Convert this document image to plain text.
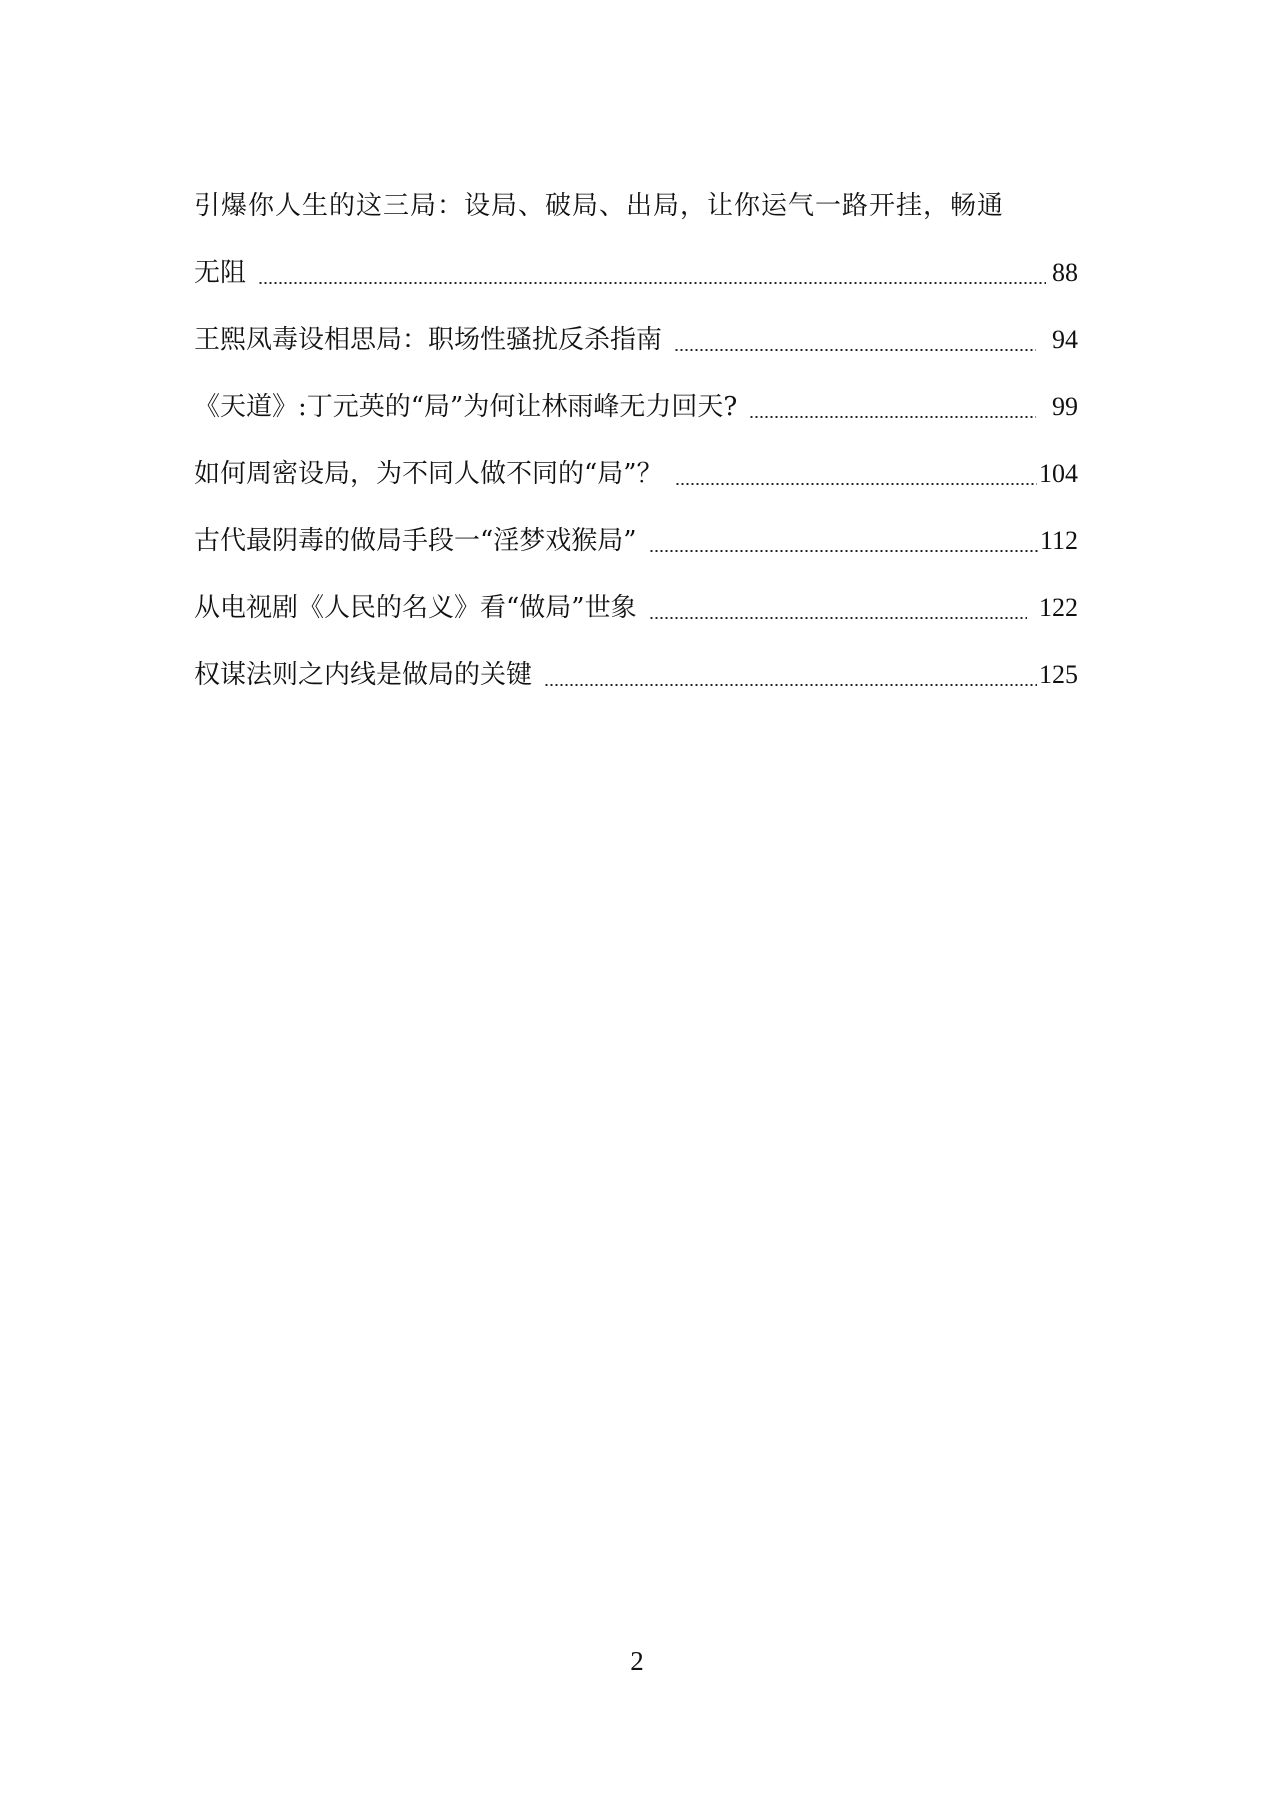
引爆你人生的这三局：设局、破局、出局，让你运气一路开挂，畅通
无阻	88
王熙凤毒设相思局：职场性骚扰反杀指南	94
《天道》:丁元英的“局”为何让林雨峰无力回天?	99
如何周密设局，为不同人做不同的“局”？	104
古代最阴毒的做局手段一“淫梦戏猴局”	112
从电视剧《人民的名义》看“做局”世象	122
权谋法则之内线是做局的关键	125
2
